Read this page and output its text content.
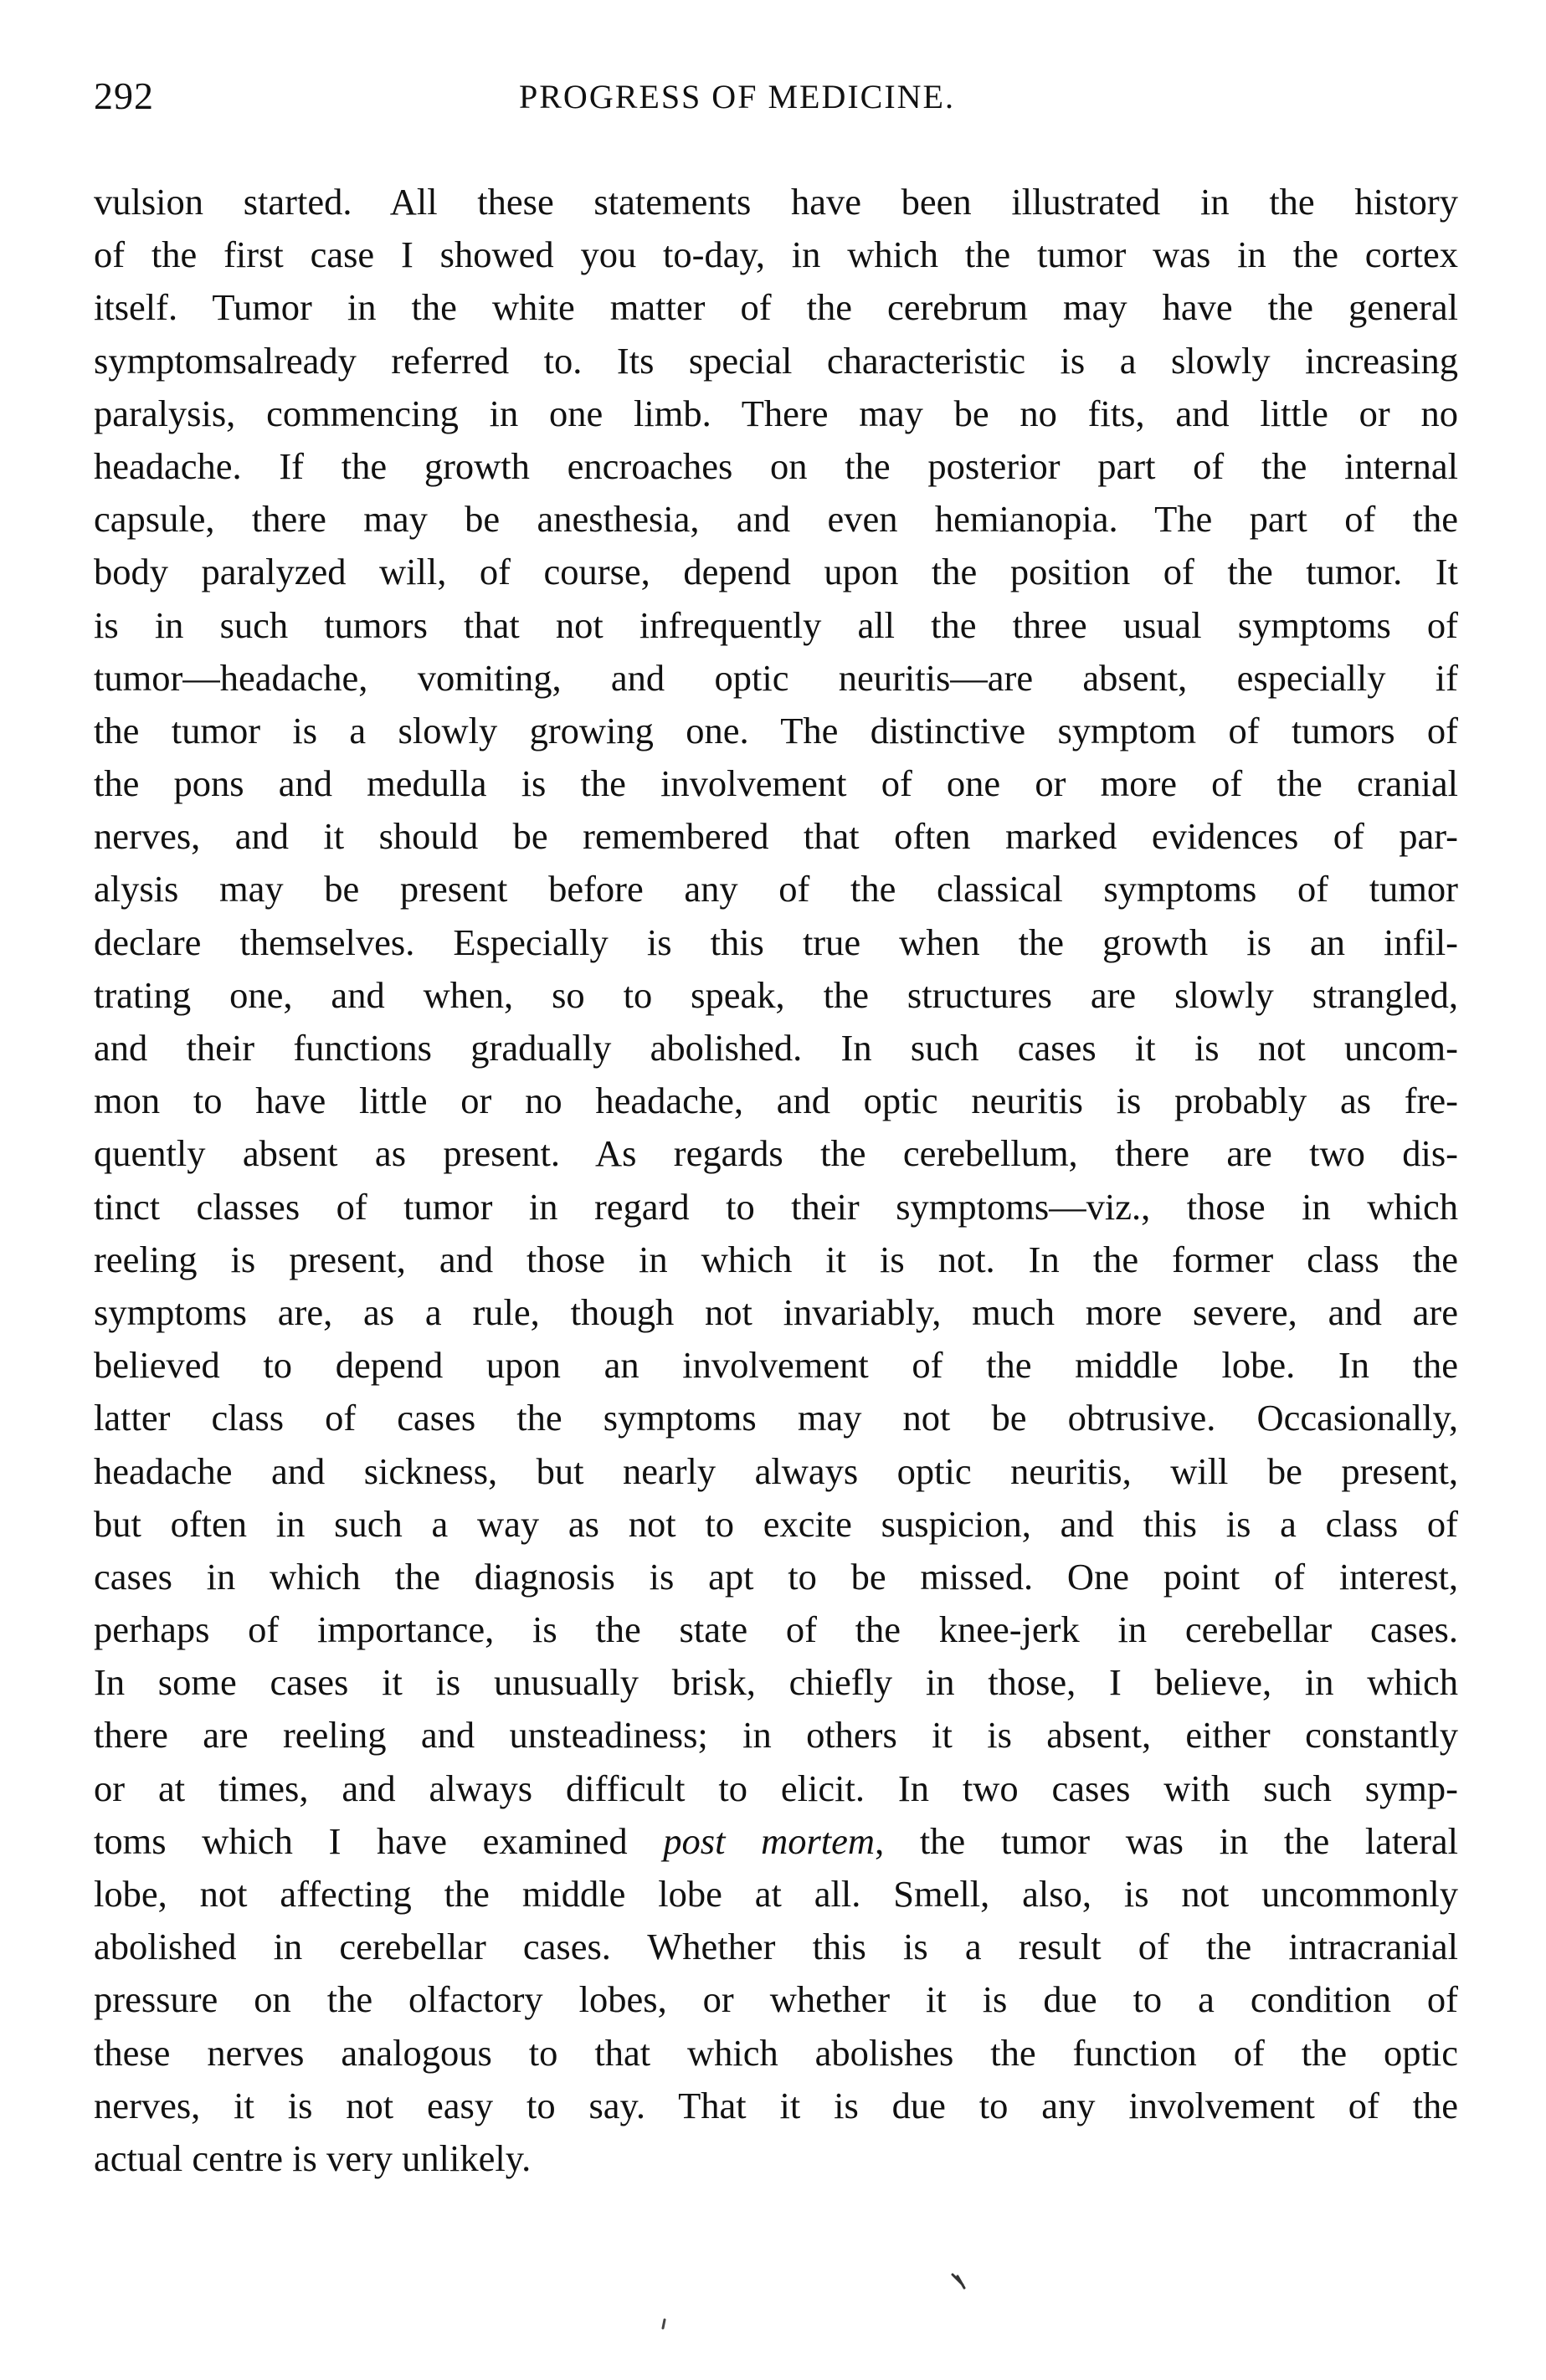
292	PROGRESS OF MEDICINE.
vulsion started. All these statements have been illustrated in the history
of the first case I showed you to-day, in which the tumor was in the cortex
itself. Tumor in the white matter of the cerebrum may have the general
symptomsalready referred to. Its special characteristic is a slowly increasing
paralysis, commencing in one limb. There may be no fits, and little or no
headache. If the growth encroaches on the posterior part of the internal
capsule, there may be anesthesia, and even hemianopia. The part of the
body paralyzed will, of course, depend upon the position of the tumor. It
is in such tumors that not infrequently all the three usual symptoms of
tumor—headache, vomiting, and optic neuritis—are absent, especially if
the tumor is a slowly growing one. The distinctive symptom of tumors of
the pons and medulla is the involvement of one or more of the cranial
nerves, and it should be remembered that often marked evidences of par-
alysis may be present before any of the classical symptoms of tumor
declare themselves. Especially is this true when the growth is an infil-
trating one, and when, so to speak, the structures are slowly strangled,
and their functions gradually abolished. In such cases it is not uncom-
mon to have little or no headache, and optic neuritis is probably as fre-
quently absent as present. As regards the cerebellum, there are two dis-
tinct classes of tumor in regard to their symptoms—viz., those in which
reeling is present, and those in which it is not. In the former class the
symptoms are, as a rule, though not invariably, much more severe, and are
believed to depend upon an involvement of the middle lobe. In the
latter class of cases the symptoms may not be obtrusive. Occasionally,
headache and sickness, but nearly always optic neuritis, will be present,
but often in such a way as not to excite suspicion, and this is a class of
cases in which the diagnosis is apt to be missed. One point of interest,
perhaps of importance, is the state of the knee-jerk in cerebellar cases.
In some cases it is unusually brisk, chiefly in those, I believe, in which
there are reeling and unsteadiness; in others it is absent, either constantly
or at times, and always difficult to elicit. In two cases with such symp-
toms which I have examined post mortem, the tumor was in the lateral
lobe, not affecting the middle lobe at all. Smell, also, is not uncommonly
abolished in cerebellar cases. Whether this is a result of the intracranial
pressure on the olfactory lobes, or whether it is due to a condition of
these nerves analogous to that which abolishes the function of the optic
nerves, it is not easy to say. That it is due to any involvement of the
actual centre is very unlikely.
